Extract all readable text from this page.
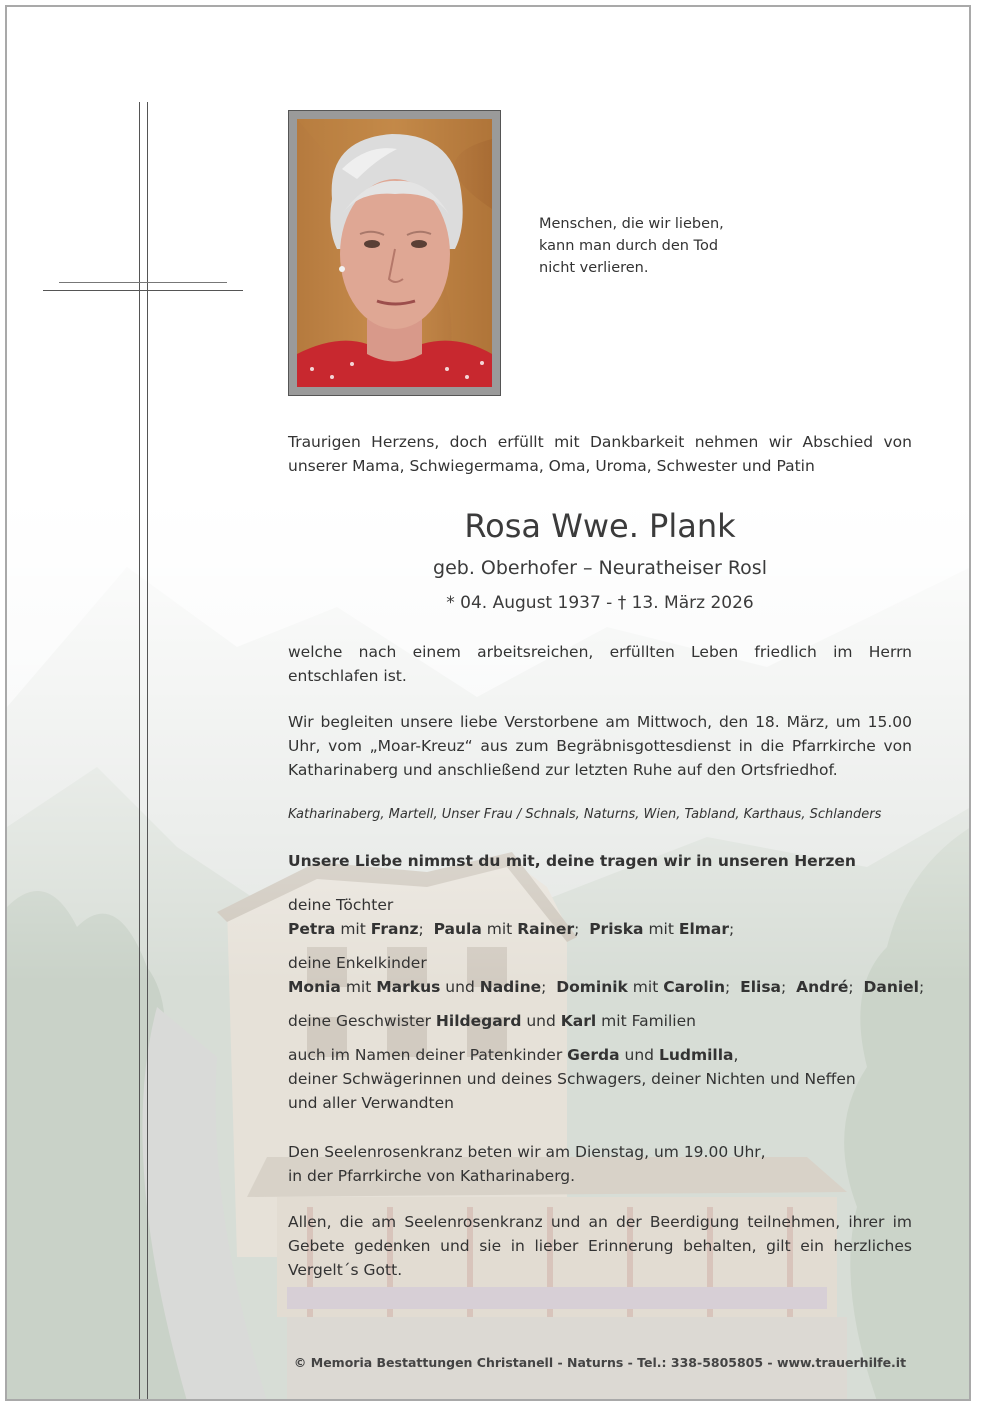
Menschen, die wir lieben,
kann man durch den Tod
nicht verlieren.
Traurigen Herzens, doch erfüllt mit Dankbarkeit nehmen wir Abschied von
unserer Mama, Schwiegermama, Oma, Uroma, Schwester und Patin
Rosa Wwe. Plank
geb. Oberhofer – Neuratheiser Rosl
* 04. August 1937 - † 13. März 2026
welche nach einem arbeitsreichen, erfüllten Leben friedlich im Herrn
entschlafen ist.
Wir begleiten unsere liebe Verstorbene am Mittwoch, den 18. März, um 15.00
Uhr, vom „Moar-Kreuz“ aus zum Begräbnisgottesdienst in die Pfarrkirche von
Katharinaberg und anschließend zur letzten Ruhe auf den Ortsfriedhof.
Katharinaberg, Martell, Unser Frau / Schnals, Naturns, Wien, Tabland, Karthaus, Schlanders
Unsere Liebe nimmst du mit, deine tragen wir in unseren Herzen
deine Töchter
Petra mit Franz; Paula mit Rainer; Priska mit Elmar;
deine Enkelkinder
Monia mit Markus und Nadine; Dominik mit Carolin; Elisa; André; Daniel;
deine Geschwister Hildegard und Karl mit Familien
auch im Namen deiner Patenkinder Gerda und Ludmilla,
deiner Schwägerinnen und deines Schwagers, deiner Nichten und Neffen
und aller Verwandten
Den Seelenrosenkranz beten wir am Dienstag, um 19.00 Uhr,
in der Pfarrkirche von Katharinaberg.
Allen, die am Seelenrosenkranz und an der Beerdigung teilnehmen, ihrer im
Gebete gedenken und sie in lieber Erinnerung behalten, gilt ein herzliches
Vergelt´s Gott.
© Memoria Bestattungen Christanell - Naturns - Tel.: 338-5805805 - www.trauerhilfe.it
